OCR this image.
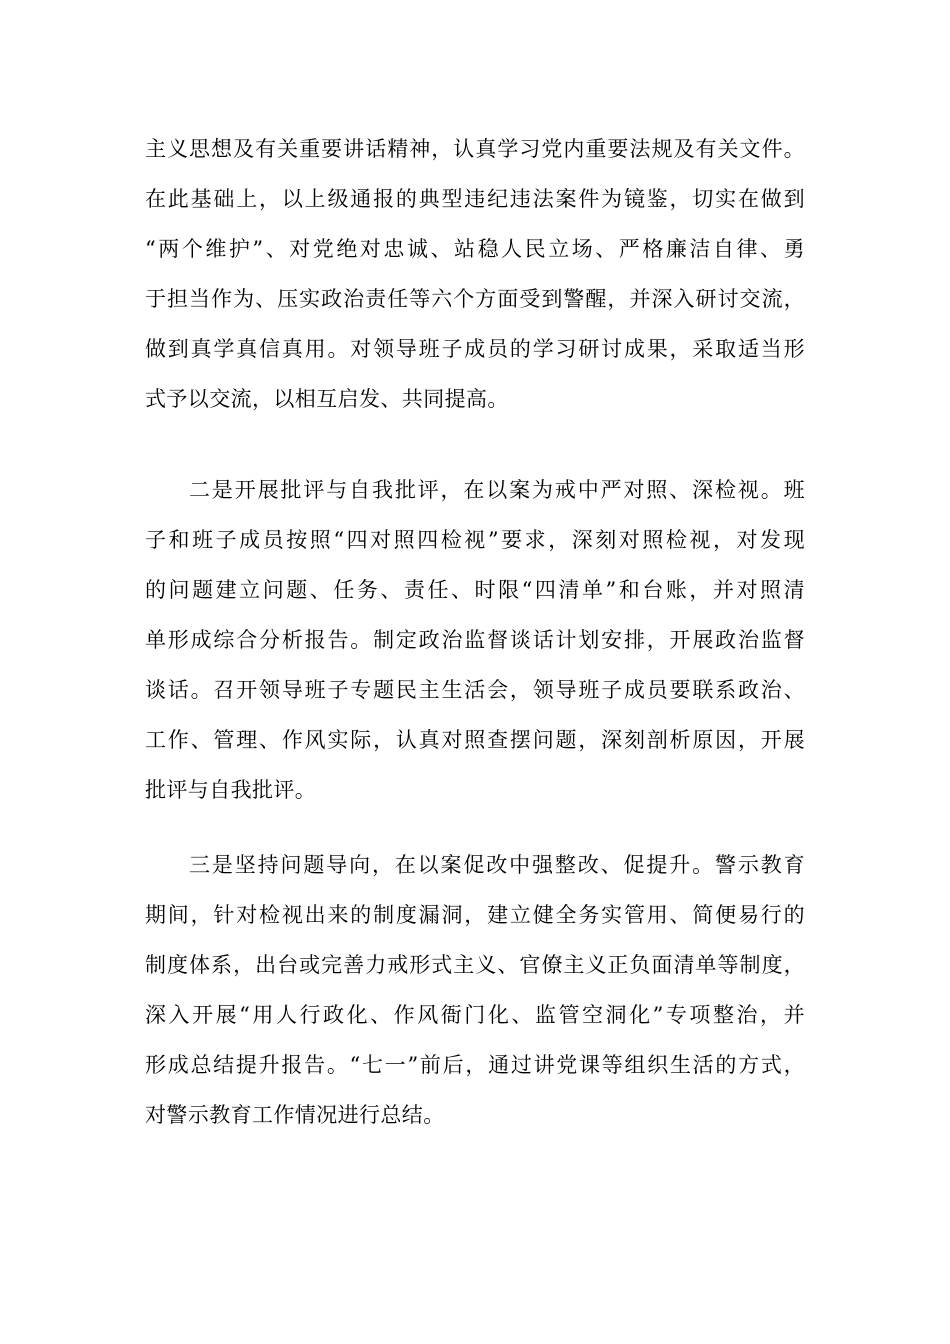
主义思想及有关重要讲话精神，认真学习党内重要法规及有关文件。
在此基础上，以上级通报的典型违纪违法案件为镜鉴，切实在做到
“两个维护”、对党绝对忠诚、站稳人民立场、严格廉洁自律、勇
于担当作为、压实政治责任等六个方面受到警醒，并深入研讨交流，
做到真学真信真用。对领导班子成员的学习研讨成果，采取适当形
式予以交流，以相互启发、共同提高。
二是开展批评与自我批评，在以案为戒中严对照、深检视。班
子和班子成员按照“四对照四检视”要求，深刻对照检视，对发现
的问题建立问题、任务、责任、时限“四清单”和台账，并对照清
单形成综合分析报告。制定政治监督谈话计划安排，开展政治监督
谈话。召开领导班子专题民主生活会，领导班子成员要联系政治、
工作、管理、作风实际，认真对照查摆问题，深刻剖析原因，开展
批评与自我批评。
三是坚持问题导向，在以案促改中强整改、促提升。警示教育
期间，针对检视出来的制度漏洞，建立健全务实管用、简便易行的
制度体系，出台或完善力戒形式主义、官僚主义正负面清单等制度，
深入开展“用人行政化、作风衙门化、监管空洞化”专项整治，并
形成总结提升报告。“七一”前后，通过讲党课等组织生活的方式，
对警示教育工作情况进行总结。
